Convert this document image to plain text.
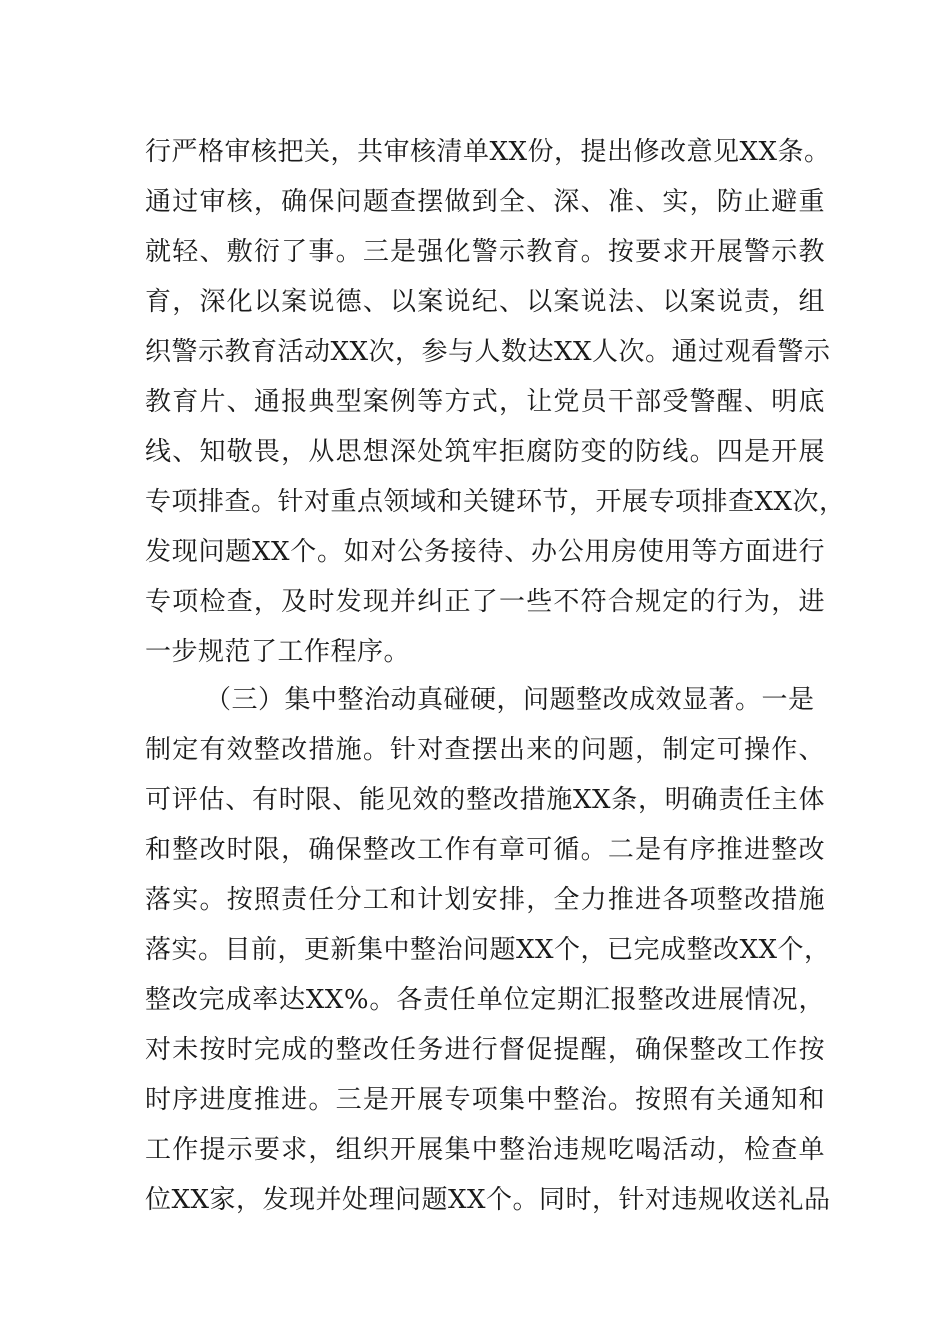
行严格审核把关，共审核清单XX份，提出修改意见XX条。
通过审核，确保问题查摆做到全、深、准、实，防止避重
就轻、敷衍了事。三是强化警示教育。按要求开展警示教
育，深化以案说德、以案说纪、以案说法、以案说责，组
织警示教育活动XX次，参与人数达XX人次。通过观看警示
教育片、通报典型案例等方式，让党员干部受警醒、明底
线、知敬畏，从思想深处筑牢拒腐防变的防线。四是开展
专项排查。针对重点领域和关键环节，开展专项排查XX次，
发现问题XX个。如对公务接待、办公用房使用等方面进行
专项检查，及时发现并纠正了一些不符合规定的行为，进
一步规范了工作程序。
（三）集中整治动真碰硬，问题整改成效显著。一是
制定有效整改措施。针对查摆出来的问题，制定可操作、
可评估、有时限、能见效的整改措施XX条，明确责任主体
和整改时限，确保整改工作有章可循。二是有序推进整改
落实。按照责任分工和计划安排，全力推进各项整改措施
落实。目前，更新集中整治问题XX个，已完成整改XX个，
整改完成率达XX%。各责任单位定期汇报整改进展情况，
对未按时完成的整改任务进行督促提醒，确保整改工作按
时序进度推进。三是开展专项集中整治。按照有关通知和
工作提示要求，组织开展集中整治违规吃喝活动，检查单
位XX家，发现并处理问题XX个。同时，针对违规收送礼品
